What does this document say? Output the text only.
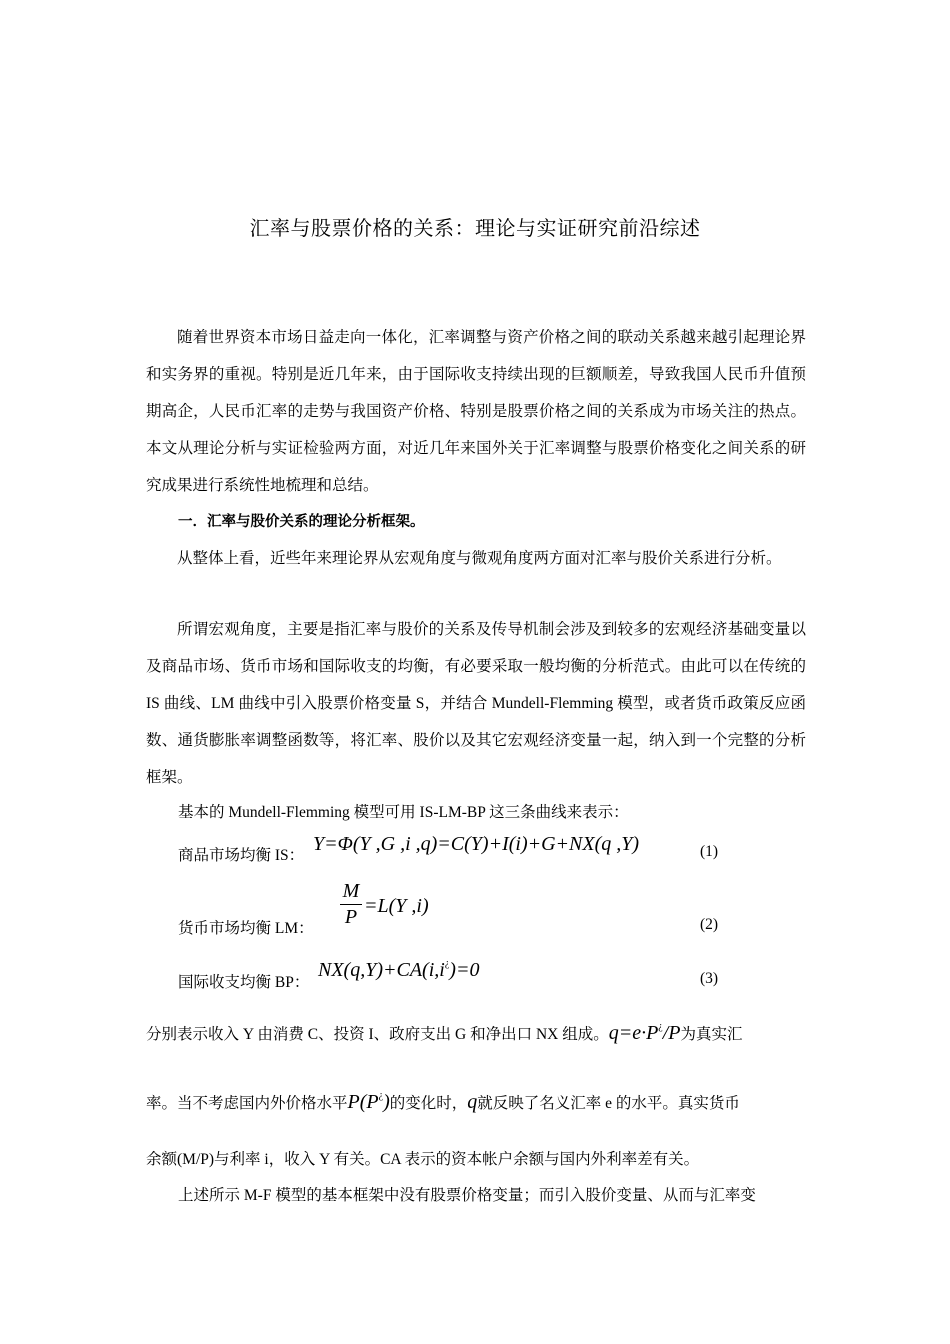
汇率与股票价格的关系：理论与实证研究前沿综述
随着世界资本市场日益走向一体化，汇率调整与资产价格之间的联动关系越来越引起理论界和实务界的重视。特别是近几年来，由于国际收支持续出现的巨额顺差，导致我国人民币升值预期高企，人民币汇率的走势与我国资产价格、特别是股票价格之间的关系成为市场关注的热点。本文从理论分析与实证检验两方面，对近几年来国外关于汇率调整与股票价格变化之间关系的研究成果进行系统性地梳理和总结。
一．汇率与股价关系的理论分析框架。
从整体上看，近些年来理论界从宏观角度与微观角度两方面对汇率与股价关系进行分析。
所谓宏观角度，主要是指汇率与股价的关系及传导机制会涉及到较多的宏观经济基础变量以及商品市场、货币市场和国际收支的均衡，有必要采取一般均衡的分析范式。由此可以在传统的 IS 曲线、LM 曲线中引入股票价格变量 S，并结合 Mundell-Flemming 模型，或者货币政策反应函数、通货膨胀率调整函数等，将汇率、股价以及其它宏观经济变量一起，纳入到一个完整的分析框架。
基本的 Mundell-Flemming 模型可用 IS-LM-BP 这三条曲线来表示：
商品市场均衡 IS：
Y=Φ(Y ,G ,i ,q)=C(Y)+I(i)+G+NX(q ,Y)	(1)
M
P =L(Y ,i)
货币市场均衡 LM：	(2)
国际收支均衡 BP：
NX(q,Y)+CA(i,i¿)=0	(3)
分别表示收入 Y 由消费 C、投资 I、政府支出 G 和净出口 NX 组成。q=e·P¿/P为真实汇
率。当不考虑国内外价格水平P(P¿)的变化时，q就反映了名义汇率 e 的水平。真实货币
余额(M/P)与利率 i，收入 Y 有关。CA 表示的资本帐户余额与国内外利率差有关。
上述所示 M-F 模型的基本框架中没有股票价格变量；而引入股价变量、从而与汇率变
